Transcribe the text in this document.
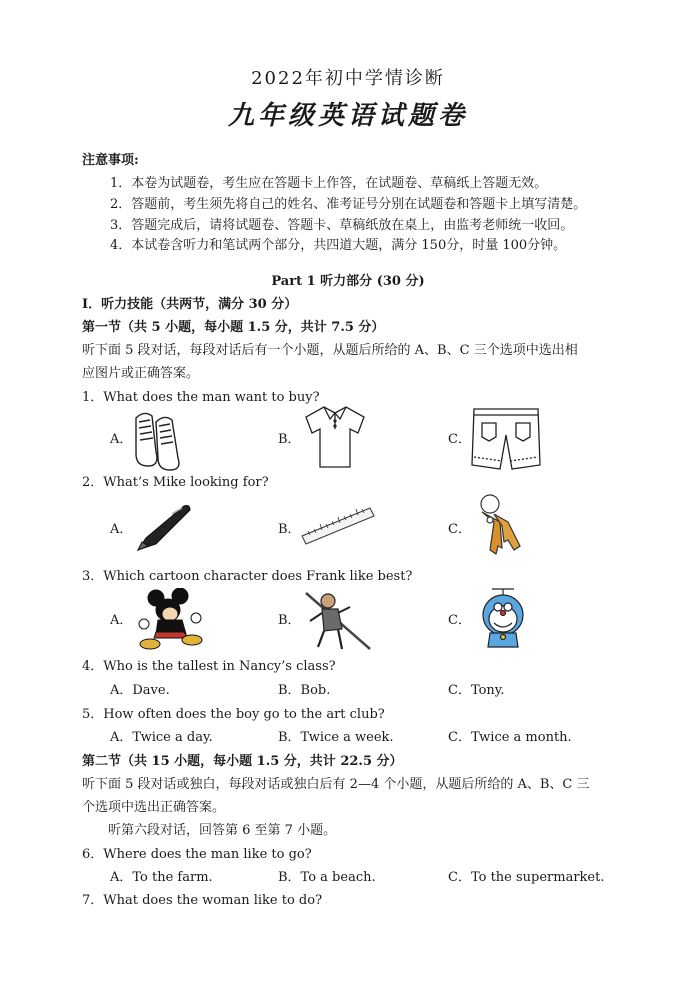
2022年初中学情诊断
九年级英语试题卷
注意事项:
1．本卷为试题卷，考生应在答题卡上作答，在试题卷、草稿纸上答题无效。
2．答题前，考生须先将自己的姓名、准考证号分别在试题卷和答题卡上填写清楚。
3．答题完成后，请将试题卷、答题卡、草稿纸放在桌上，由监考老师统一收回。
4．本试卷含听力和笔试两个部分，共四道大题，满分 150分，时量 100分钟。
Part 1 听力部分 (30 分)
Ⅰ．听力技能（共两节，满分 30 分）
第一节（共 5 小题，每小题 1.5 分，共计 7.5 分）
听下面 5 段对话，每段对话后有一个小题，从题后所给的 A、B、C 三个选项中选出相
应图片或正确答案。
1．What does the man want to buy?
A．	B．	C．
2．What’s Mike looking for?
A．	B．	C．
3．Which cartoon character does Frank like best?
A．	B．	C．
4．Who is the tallest in Nancy’s class?
A．Dave.	B．Bob.	C．Tony.
5．How often does the boy go to the art club?
A．Twice a day.	B．Twice a week.	C．Twice a month.
第二节（共 15 小题，每小题 1.5 分，共计 22.5 分）
听下面 5 段对话或独白，每段对话或独白后有 2—4 个小题，从题后所给的 A、B、C 三
个选项中选出正确答案。
听第六段对话，回答第 6 至第 7 小题。
6．Where does the man like to go?
A．To the farm.	B．To a beach.	C．To the supermarket.
7．What does the woman like to do?
